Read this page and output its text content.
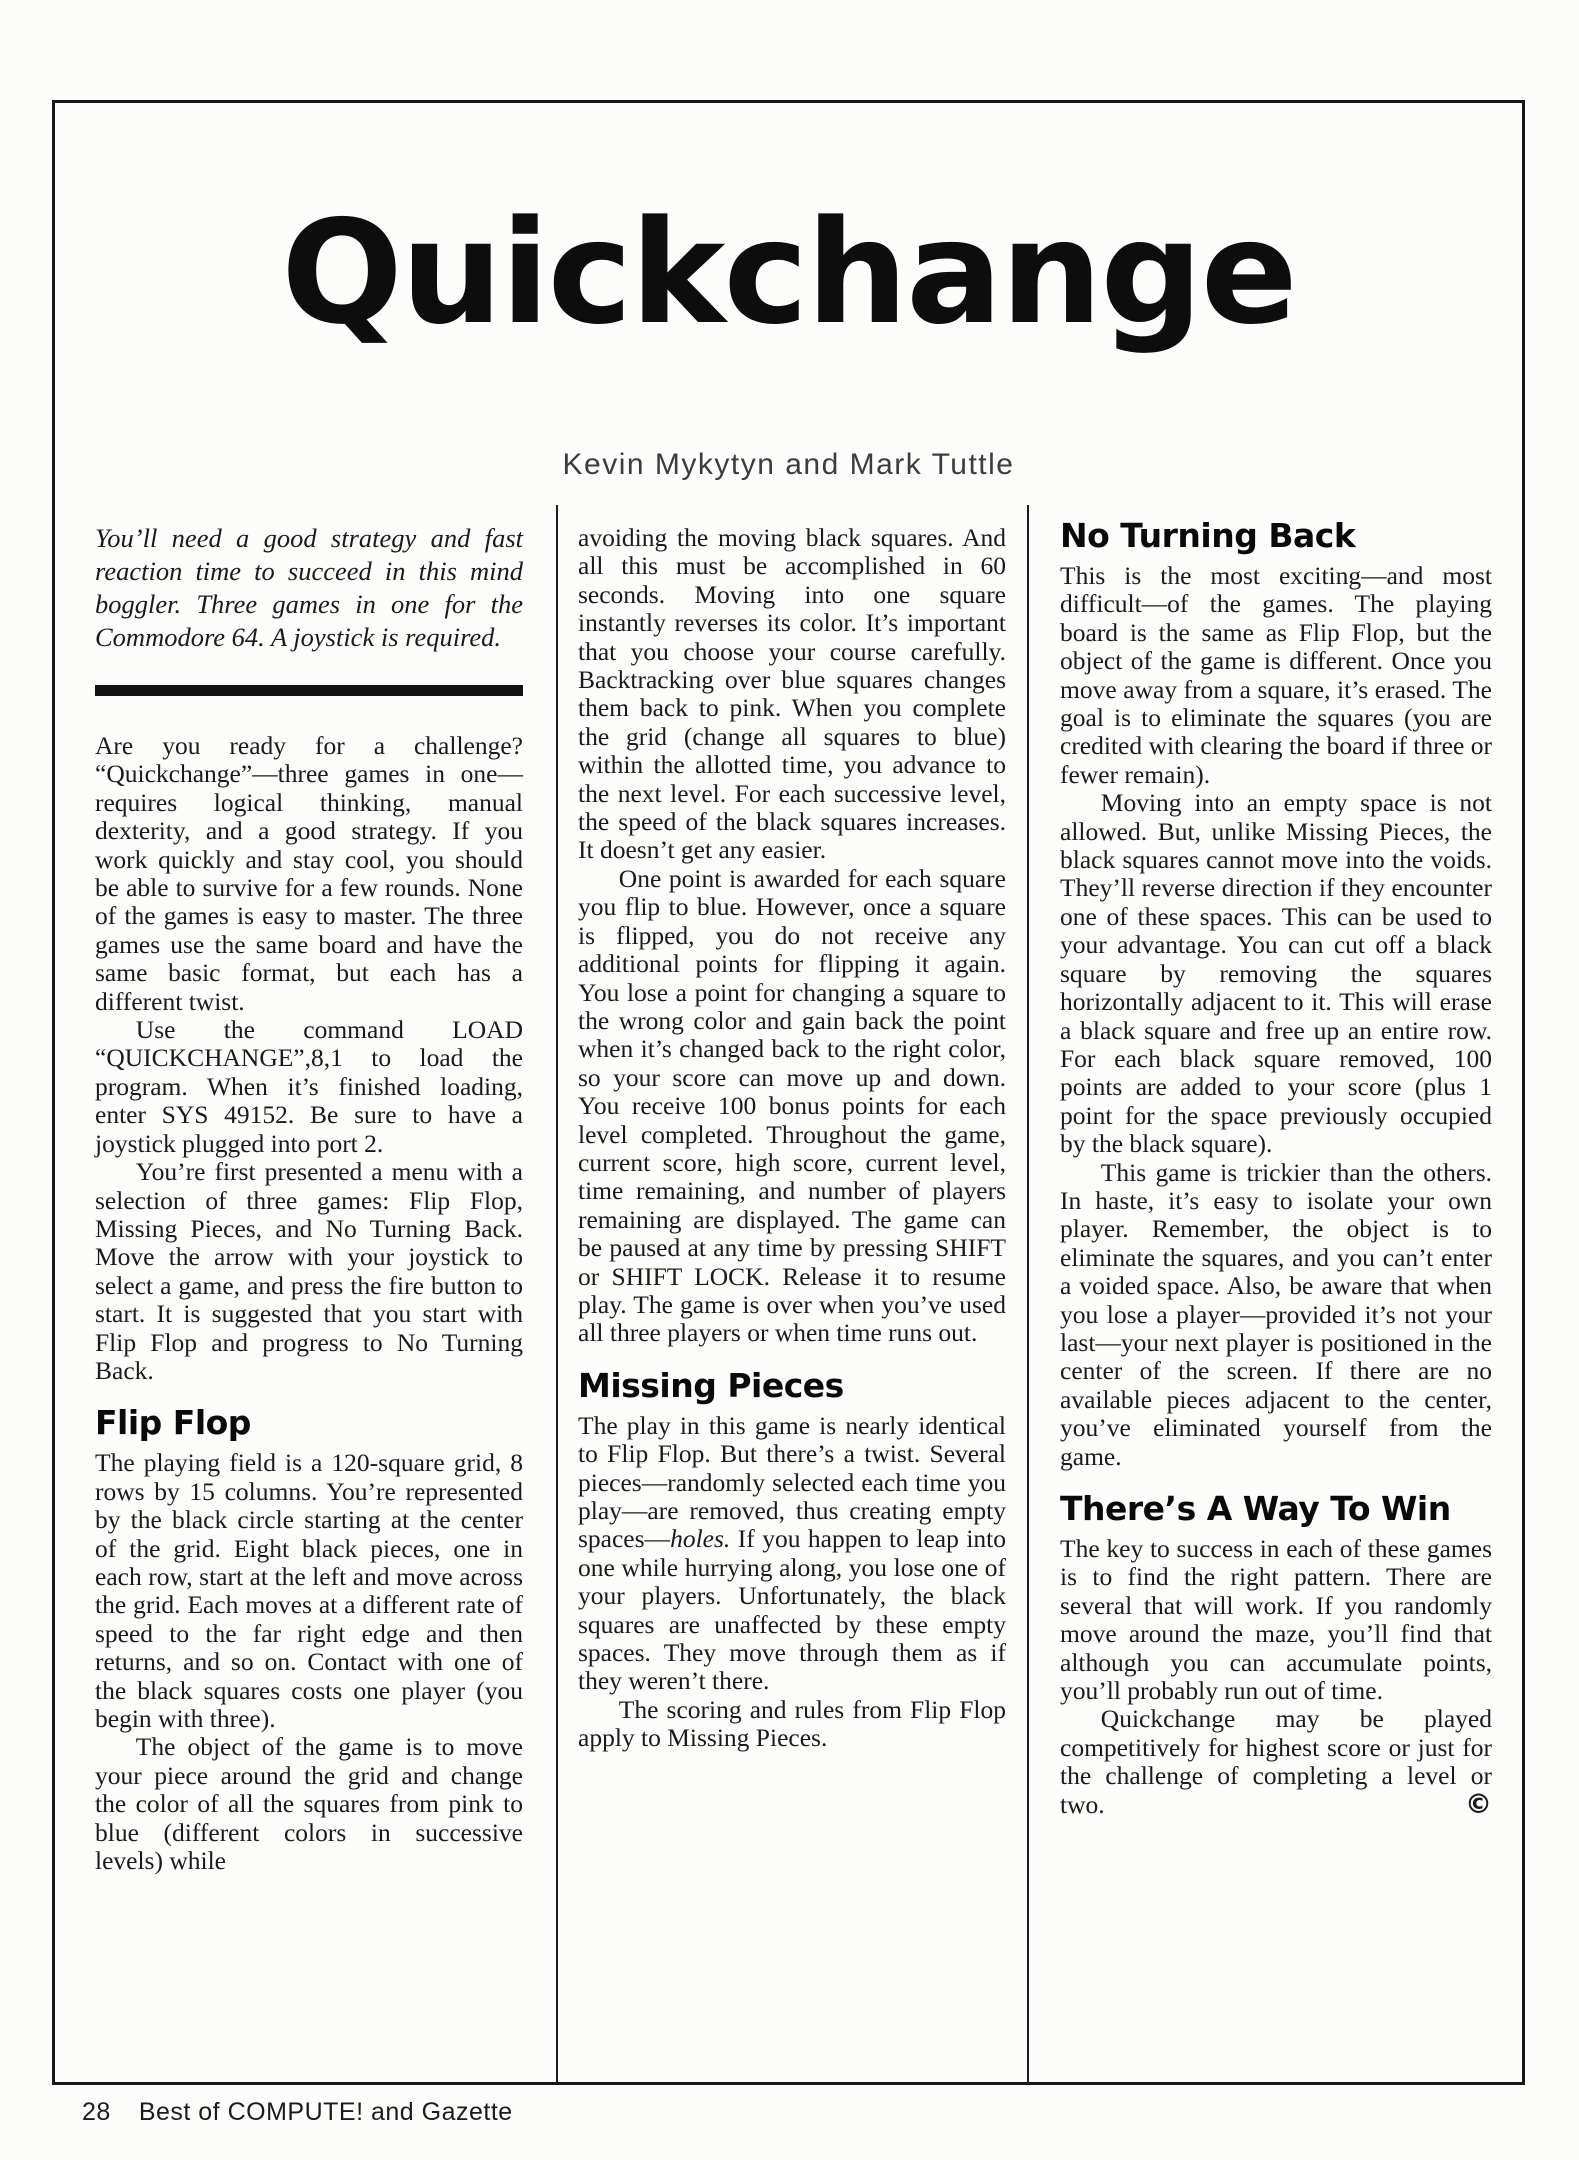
Quickchange
Kevin Mykytyn and Mark Tuttle

You’ll need a good strategy and fast reaction time to succeed in this mind boggler. Three games in one for the Commodore 64. A joystick is required.

Are you ready for a challenge? “Quickchange”—three games in one—requires logical thinking, manual dexterity, and a good strategy. If you work quickly and stay cool, you should be able to survive for a few rounds. None of the games is easy to master. The three games use the same board and have the same basic format, but each has a different twist.

Use the command LOAD “QUICKCHANGE”,8,1 to load the program. When it’s finished loading, enter SYS 49152. Be sure to have a joystick plugged into port 2.

You’re first presented a menu with a selection of three games: Flip Flop, Missing Pieces, and No Turning Back. Move the arrow with your joystick to select a game, and press the fire button to start. It is suggested that you start with Flip Flop and progress to No Turning Back.

Flip Flop

The playing field is a 120-square grid, 8 rows by 15 columns. You’re represented by the black circle starting at the center of the grid. Eight black pieces, one in each row, start at the left and move across the grid. Each moves at a different rate of speed to the far right edge and then returns, and so on. Contact with one of the black squares costs one player (you begin with three).

The object of the game is to move your piece around the grid and change the color of all the squares from pink to blue (different colors in successive levels) while

avoiding the moving black squares. And all this must be accomplished in 60 seconds. Moving into one square instantly reverses its color. It’s important that you choose your course carefully. Backtracking over blue squares changes them back to pink. When you complete the grid (change all squares to blue) within the allotted time, you advance to the next level. For each successive level, the speed of the black squares increases. It doesn’t get any easier.

One point is awarded for each square you flip to blue. However, once a square is flipped, you do not receive any additional points for flipping it again. You lose a point for changing a square to the wrong color and gain back the point when it’s changed back to the right color, so your score can move up and down. You receive 100 bonus points for each level completed. Throughout the game, current score, high score, current level, time remaining, and number of players remaining are displayed. The game can be paused at any time by pressing SHIFT or SHIFT LOCK. Release it to resume play. The game is over when you’ve used all three players or when time runs out.

Missing Pieces

The play in this game is nearly identical to Flip Flop. But there’s a twist. Several pieces—randomly selected each time you play—are removed, thus creating empty spaces—holes. If you happen to leap into one while hurrying along, you lose one of your players. Unfortunately, the black squares are unaffected by these empty spaces. They move through them as if they weren’t there.

The scoring and rules from Flip Flop apply to Missing Pieces.

No Turning Back

This is the most exciting—and most difficult—of the games. The playing board is the same as Flip Flop, but the object of the game is different. Once you move away from a square, it’s erased. The goal is to eliminate the squares (you are credited with clearing the board if three or fewer remain).

Moving into an empty space is not allowed. But, unlike Missing Pieces, the black squares cannot move into the voids. They’ll reverse direction if they encounter one of these spaces. This can be used to your advantage. You can cut off a black square by removing the squares horizontally adjacent to it. This will erase a black square and free up an entire row. For each black square removed, 100 points are added to your score (plus 1 point for the space previously occupied by the black square).

This game is trickier than the others. In haste, it’s easy to isolate your own player. Remember, the object is to eliminate the squares, and you can’t enter a voided space. Also, be aware that when you lose a player—provided it’s not your last—your next player is positioned in the center of the screen. If there are no available pieces adjacent to the center, you’ve eliminated yourself from the game.

There’s A Way To Win

The key to success in each of these games is to find the right pattern. There are several that will work. If you randomly move around the maze, you’ll find that although you can accumulate points, you’ll probably run out of time.

Quickchange may be played competitively for highest score or just for the challenge of completing a level or two.	©

28 Best of COMPUTE! and Gazette
